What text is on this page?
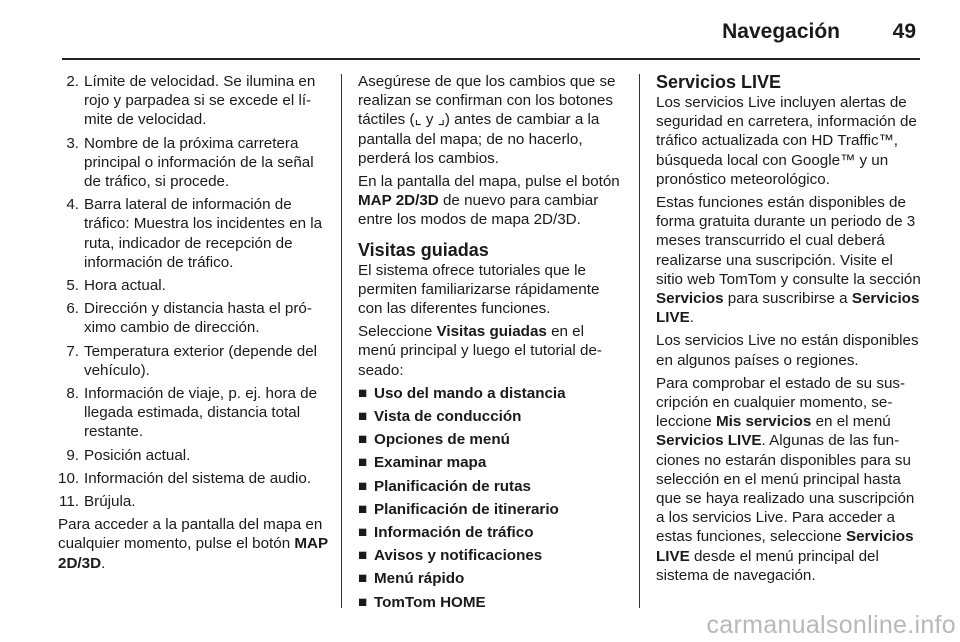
Navegación	49
2. Límite de velocidad. Se ilumina en rojo y parpadea si se excede el límite de velocidad.
3. Nombre de la próxima carretera principal o información de la señal de tráfico, si procede.
4. Barra lateral de información de tráfico: Muestra los incidentes en la ruta, indicador de recepción de información de tráfico.
5. Hora actual.
6. Dirección y distancia hasta el próximo cambio de dirección.
7. Temperatura exterior (depende del vehículo).
8. Información de viaje, p. ej. hora de llegada estimada, distancia total restante.
9. Posición actual.
10. Información del sistema de audio.
11. Brújula.

Para acceder a la pantalla del mapa en cualquier momento, pulse el botón MAP 2D/3D.

Asegúrese de que los cambios que se realizan se confirman con los botones táctiles (⌞ y ⌟) antes de cambiar a la pantalla del mapa; de no hacerlo, perderá los cambios.

En la pantalla del mapa, pulse el botón MAP 2D/3D de nuevo para cambiar entre los modos de mapa 2D/3D.

Visitas guiadas

El sistema ofrece tutoriales que le permiten familiarizarse rápidamente con las diferentes funciones.

Seleccione Visitas guiadas en el menú principal y luego el tutorial deseado:

■ Uso del mando a distancia
■ Vista de conducción
■ Opciones de menú
■ Examinar mapa
■ Planificación de rutas
■ Planificación de itinerario
■ Información de tráfico
■ Avisos y notificaciones
■ Menú rápido
■ TomTom HOME
Servicios LIVE

Los servicios Live incluyen alertas de seguridad en carretera, información de tráfico actualizada con HD Traffic™, búsqueda local con Google™ y un pronóstico meteorológico.

Estas funciones están disponibles de forma gratuita durante un periodo de 3 meses transcurrido el cual deberá realizarse una suscripción. Visite el sitio web TomTom y consulte la sección Servicios para suscribirse a Servicios LIVE.

Los servicios Live no están disponibles en algunos países o regiones.

Para comprobar el estado de su suscripción en cualquier momento, seleccione Mis servicios en el menú Servicios LIVE. Algunas de las funciones no estarán disponibles para su selección en el menú principal hasta que se haya realizado una suscripción a los servicios Live. Para acceder a estas funciones, seleccione Servicios LIVE desde el menú principal del sistema de navegación.

carmanualsonline.info
